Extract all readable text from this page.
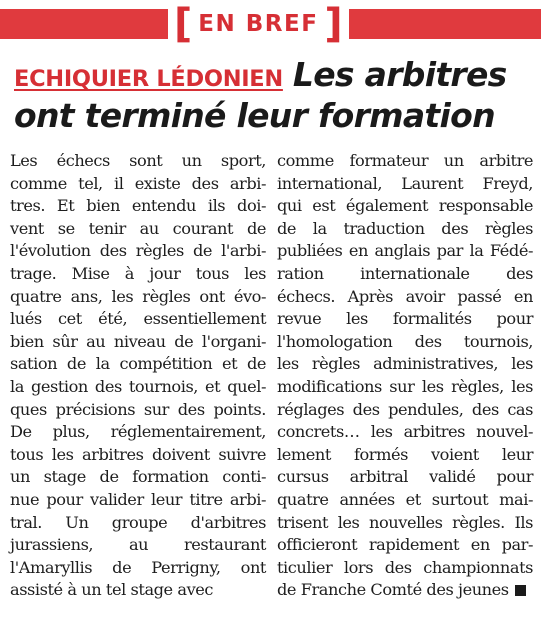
[ EN BREF ]
ECHIQUIER LÉDONIEN Les arbitres
ont terminé leur formation
Les échecs sont un sport,
comme tel, il existe des arbi-
tres. Et bien entendu ils doi-
vent se tenir au courant de
l'évolution des règles de l'arbi-
trage. Mise à jour tous les
quatre ans, les règles ont évo-
lués cet été, essentiellement
bien sûr au niveau de l'organi-
sation de la compétition et de
la gestion des tournois, et quel-
ques précisions sur des points.
De plus, réglementairement,
tous les arbitres doivent suivre
un stage de formation conti-
nue pour valider leur titre arbi-
tral. Un groupe d'arbitres
jurassiens, au restaurant
l'Amaryllis de Perrigny, ont
assisté à un tel stage avec
comme formateur un arbitre
international, Laurent Freyd,
qui est également responsable
de la traduction des règles
publiées en anglais par la Fédé-
ration internationale des
échecs. Après avoir passé en
revue les formalités pour
l'homologation des tournois,
les règles administratives, les
modifications sur les règles, les
réglages des pendules, des cas
concrets… les arbitres nouvel-
lement formés voient leur
cursus arbitral validé pour
quatre années et surtout mai-
trisent les nouvelles règles. Ils
officieront rapidement en par-
ticulier lors des championnats
de Franche Comté des jeunes
